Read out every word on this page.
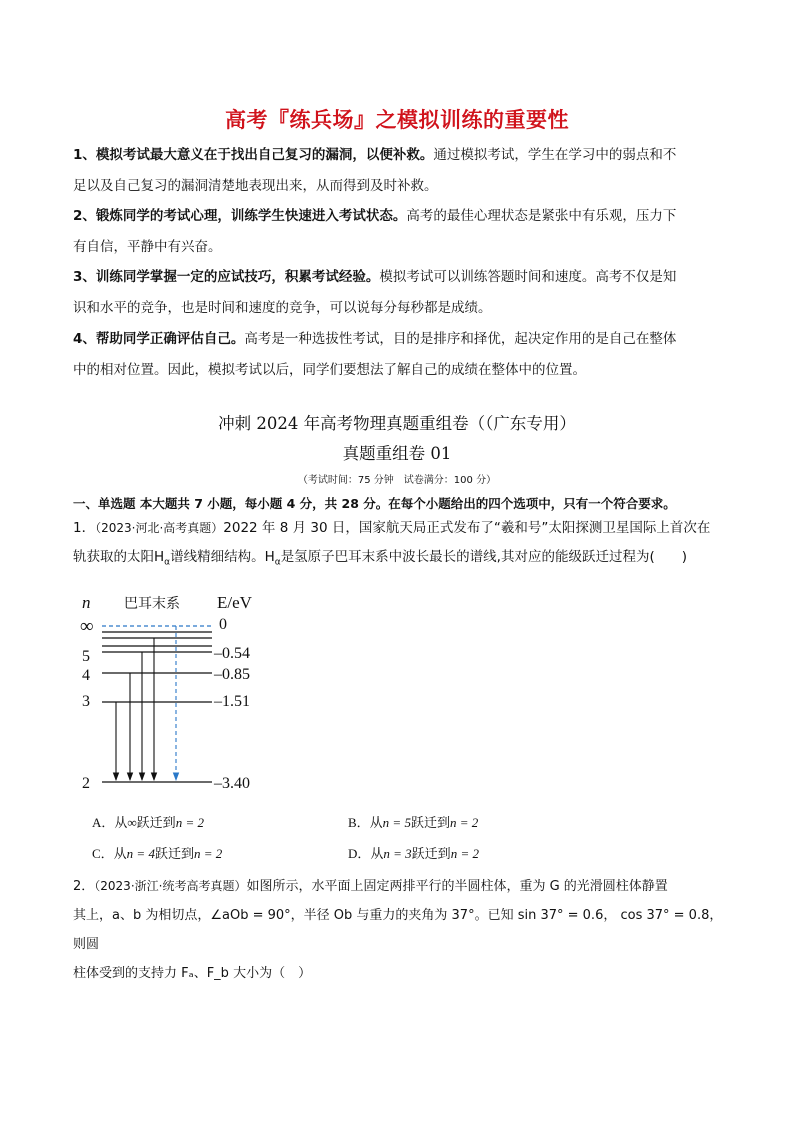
高考『练兵场』之模拟训练的重要性
1、模拟考试最大意义在于找出自己复习的漏洞，以便补救。通过模拟考试，学生在学习中的弱点和不
足以及自己复习的漏洞清楚地表现出来，从而得到及时补救。
2、锻炼同学的考试心理，训练学生快速进入考试状态。高考的最佳心理状态是紧张中有乐观，压力下
有自信，平静中有兴奋。
3、训练同学掌握一定的应试技巧，积累考试经验。模拟考试可以训练答题时间和速度。高考不仅是知
识和水平的竞争，也是时间和速度的竞争，可以说每分每秒都是成绩。
4、帮助同学正确评估自己。高考是一种选拔性考试，目的是排序和择优，起决定作用的是自己在整体
中的相对位置。因此，模拟考试以后，同学们要想法了解自己的成绩在整体中的位置。
冲刺 2024 年高考物理真题重组卷（（广东专用）
真题重组卷 01
（考试时间：75 分钟　试卷满分：100 分）
一、单选题 本大题共 7 小题，每小题 4 分，共 28 分。在每个小题给出的四个选项中，只有一个符合要求。
1．（2023·河北·高考真题）2022 年 8 月 30 日，国家航天局正式发布了“羲和号”太阳探测卫星国际上首次在
轨获取的太阳$H_\alpha$谱线精细结构。$H_\alpha$是氢原子巴耳末系中波长最长的谱线,其对应的能级跃迁过程为(　　)
n 巴耳末系 E/eV
∞
5
4
3
2
0
–0.54
–0.85
–1.51
–3.40
A．从∞跃迁到n = 2	B．从n = 5跃迁到n = 2
C．从n = 4跃迁到n = 2	D．从n = 3跃迁到n = 2
2．（2023·浙江·统考高考真题）如图所示，水平面上固定两排平行的半圆柱体，重为 G 的光滑圆柱体静置
其上，a、b 为相切点，∠aOb = 90°，半径 Ob 与重力的夹角为 37°。已知 sin 37° = 0.6， cos 37° = 0.8，则圆
柱体受到的支持力 Fₐ、F_b 大小为（　）
